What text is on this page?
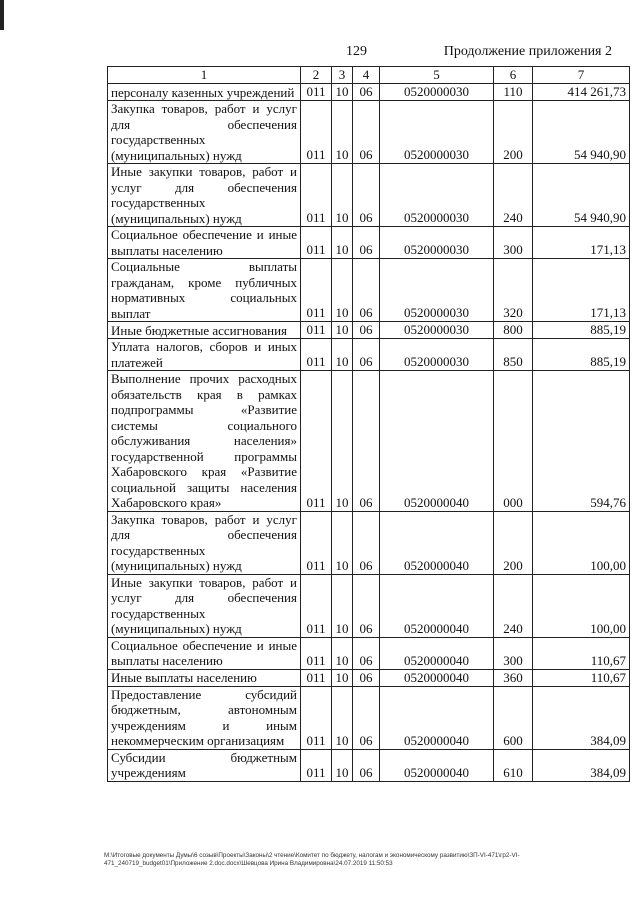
129	Продолжение приложения 2
1	2	3	4	5	6	7
персоналу казенных учреждений	011	10	06	0520000030	110	414 261,73
Закупка товаров, работ и услуг для обеспечения государственных (муниципальных) нужд	011	10	06	0520000030	200	54 940,90
Иные закупки товаров, работ и услуг для обеспечения государственных (муниципальных) нужд	011	10	06	0520000030	240	54 940,90
Социальное обеспечение и иные выплаты населению	011	10	06	0520000030	300	171,13
Социальные выплаты гражданам, кроме публичных нормативных социальных выплат	011	10	06	0520000030	320	171,13
Иные бюджетные ассигнования	011	10	06	0520000030	800	885,19
Уплата налогов, сборов и иных платежей	011	10	06	0520000030	850	885,19
Выполнение прочих расходных обязательств края в рамках подпрограммы «Развитие системы социального обслуживания населения» государственной программы Хабаровского края «Развитие социальной защиты населения Хабаровского края»	011	10	06	0520000040	000	594,76
Закупка товаров, работ и услуг для обеспечения государственных (муниципальных) нужд	011	10	06	0520000040	200	100,00
Иные закупки товаров, работ и услуг для обеспечения государственных (муниципальных) нужд	011	10	06	0520000040	240	100,00
Социальное обеспечение и иные выплаты населению	011	10	06	0520000040	300	110,67
Иные выплаты населению	011	10	06	0520000040	360	110,67
Предоставление субсидий бюджетным, автономным учреждениям и иным некоммерческим организациям	011	10	06	0520000040	600	384,09
Субсидии бюджетным учреждениям	011	10	06	0520000040	610	384,09
M:\Итоговые документы Думы\6 созыв\Проекты\Законы\2 чтение\Комитет по бюджету, налогам и экономическому развитию\ЗП-VI-471\гр2-VI-471_240719_budget01\Приложение 2.doc.docx\Шевцова Ирина Владимировна\24.07.2019 11:50:53
